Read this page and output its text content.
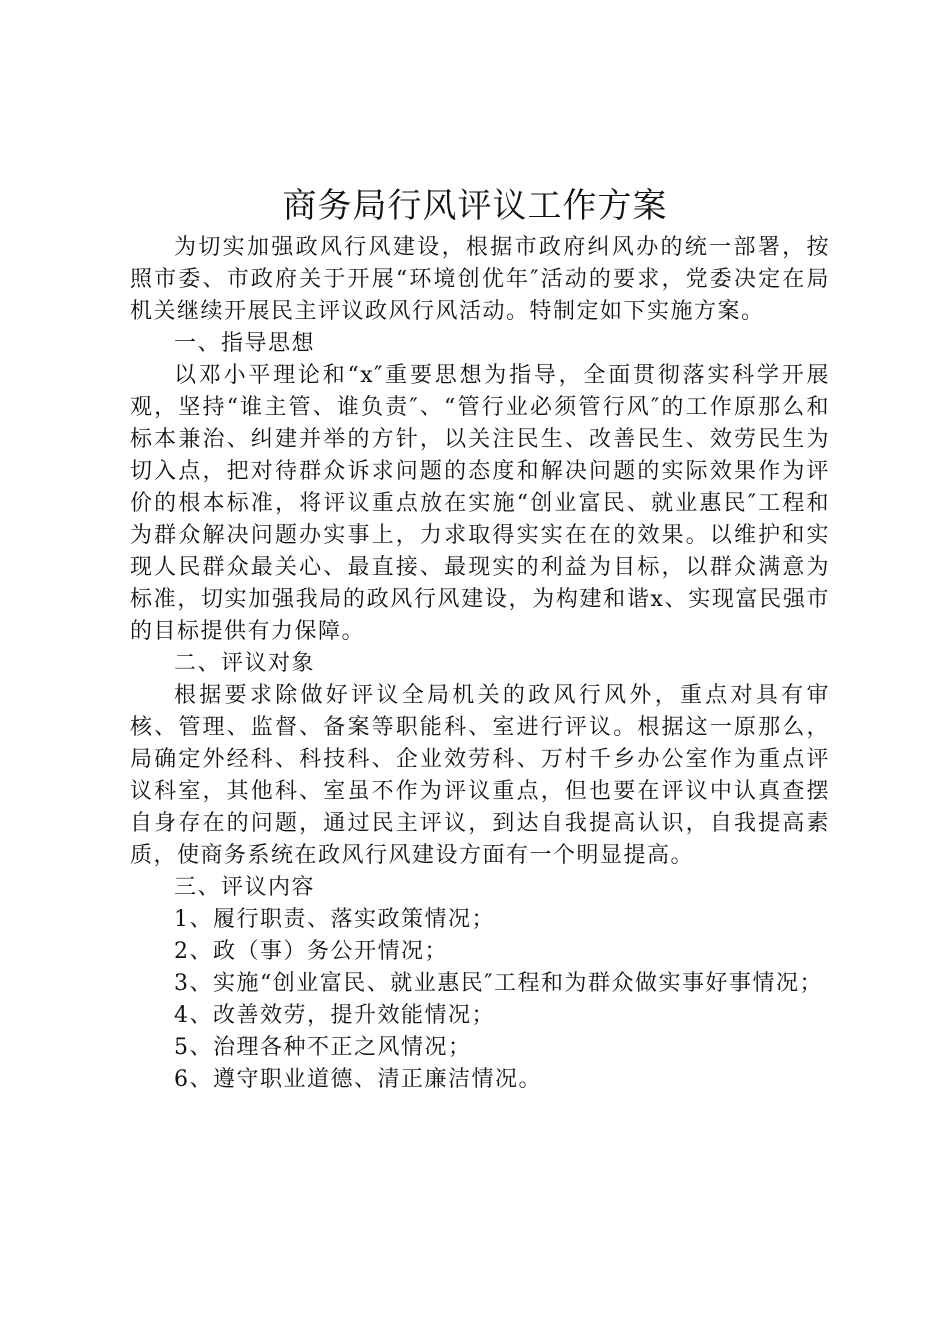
商务局行风评议工作方案

为切实加强政风行风建设，根据市政府纠风办的统一部署，按照市委、市政府关于开展“环境创优年″活动的要求，党委决定在局机关继续开展民主评议政风行风活动。特制定如下实施方案。

一、指导思想

以邓小平理论和“x″重要思想为指导，全面贯彻落实科学开展观，坚持“谁主管、谁负责″、“管行业必须管行风″的工作原那么和标本兼治、纠建并举的方针，以关注民生、改善民生、效劳民生为切入点，把对待群众诉求问题的态度和解决问题的实际效果作为评价的根本标准，将评议重点放在实施“创业富民、就业惠民″工程和为群众解决问题办实事上，力求取得实实在在的效果。以维护和实现人民群众最关心、最直接、最现实的利益为目标，以群众满意为标准，切实加强我局的政风行风建设，为构建和谐x、实现富民强市的目标提供有力保障。

二、评议对象

根据要求除做好评议全局机关的政风行风外，重点对具有审核、管理、监督、备案等职能科、室进行评议。根据这一原那么，局确定外经科、科技科、企业效劳科、万村千乡办公室作为重点评议科室，其他科、室虽不作为评议重点，但也要在评议中认真查摆自身存在的问题，通过民主评议，到达自我提高认识，自我提高素质，使商务系统在政风行风建设方面有一个明显提高。

三、评议内容

1、履行职责、落实政策情况；

2、政（事）务公开情况；

3、实施“创业富民、就业惠民″工程和为群众做实事好事情况；

4、改善效劳，提升效能情况；

5、治理各种不正之风情况；

6、遵守职业道德、清正廉洁情况。
